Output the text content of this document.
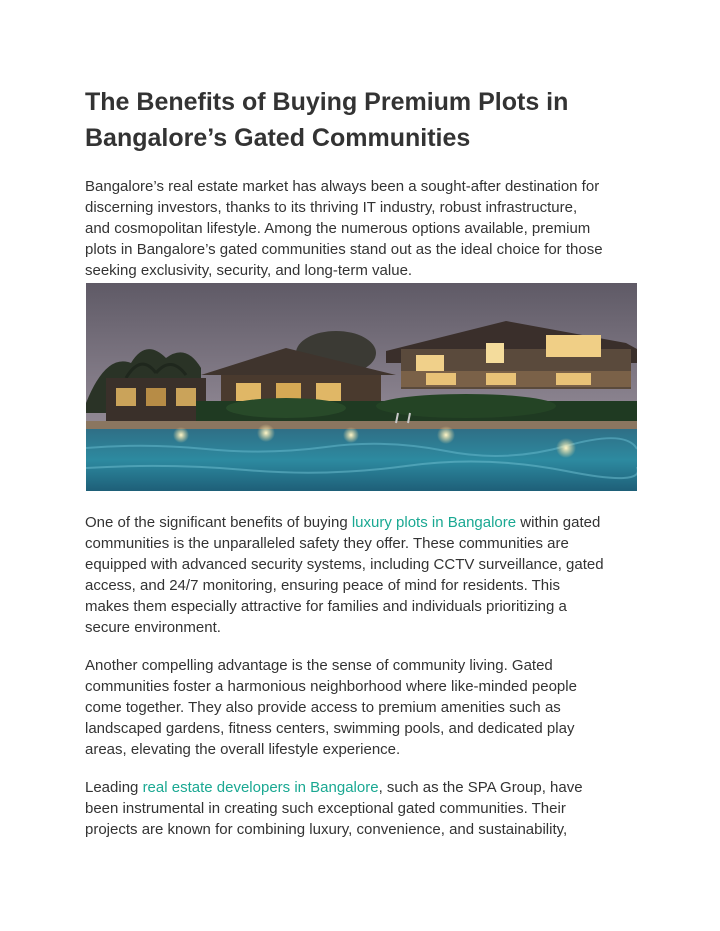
The Benefits of Buying Premium Plots in
Bangalore’s Gated Communities
Bangalore’s real estate market has always been a sought-after destination for
discerning investors, thanks to its thriving IT industry, robust infrastructure,
and cosmopolitan lifestyle. Among the numerous options available, premium
plots in Bangalore’s gated communities stand out as the ideal choice for those
seeking exclusivity, security, and long-term value.
One of the significant benefits of buying luxury plots in Bangalore within gated
communities is the unparalleled safety they offer. These communities are
equipped with advanced security systems, including CCTV surveillance, gated
access, and 24/7 monitoring, ensuring peace of mind for residents. This
makes them especially attractive for families and individuals prioritizing a
secure environment.
Another compelling advantage is the sense of community living. Gated
communities foster a harmonious neighborhood where like-minded people
come together. They also provide access to premium amenities such as
landscaped gardens, fitness centers, swimming pools, and dedicated play
areas, elevating the overall lifestyle experience.
Leading real estate developers in Bangalore, such as the SPA Group, have
been instrumental in creating such exceptional gated communities. Their
projects are known for combining luxury, convenience, and sustainability,
